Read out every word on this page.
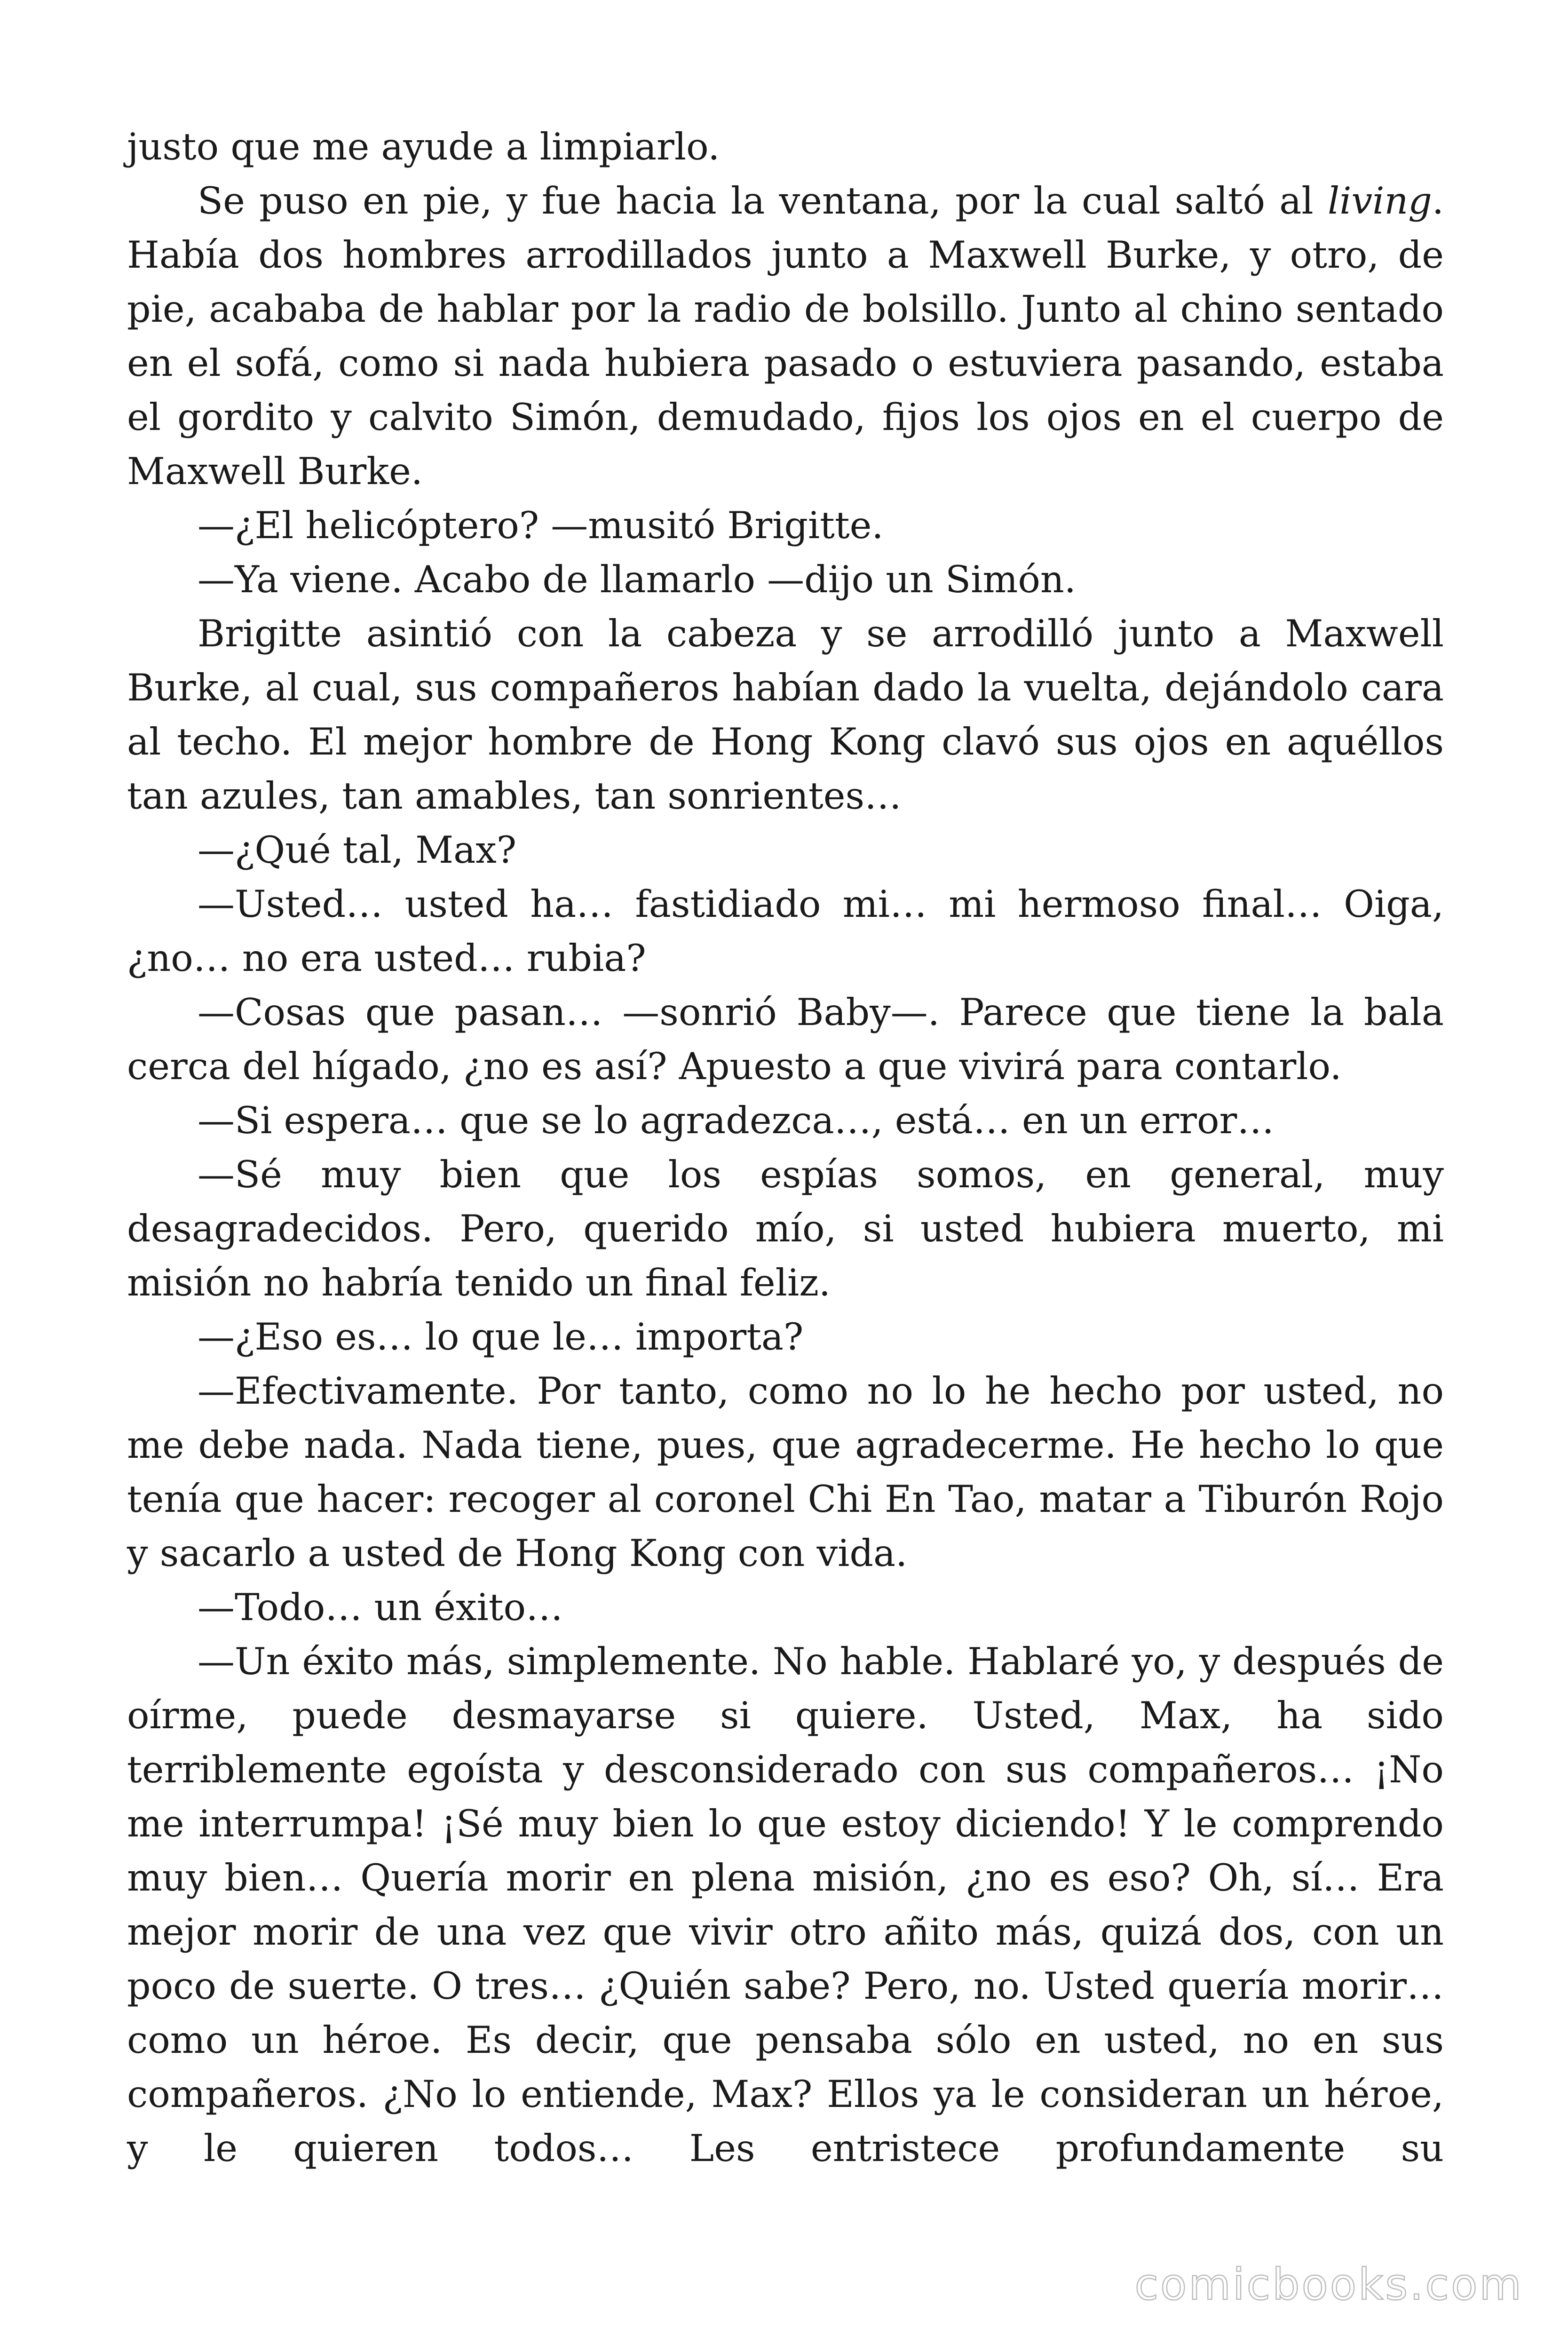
justo que me ayude a limpiarlo.

Se puso en pie, y fue hacia la ventana, por la cual saltó al living. Había dos hombres arrodillados junto a Maxwell Burke, y otro, de pie, acababa de hablar por la radio de bolsillo. Junto al chino sentado en el sofá, como si nada hubiera pasado o estuviera pasando, estaba el gordito y calvito Simón, demudado, fijos los ojos en el cuerpo de Maxwell Burke.

—¿El helicóptero? —musitó Brigitte.

—Ya viene. Acabo de llamarlo —dijo un Simón.

Brigitte asintió con la cabeza y se arrodilló junto a Maxwell Burke, al cual, sus compañeros habían dado la vuelta, dejándolo cara al techo. El mejor hombre de Hong Kong clavó sus ojos en aquéllos tan azules, tan amables, tan sonrientes…

—¿Qué tal, Max?

—Usted… usted ha… fastidiado mi… mi hermoso final… Oiga, ¿no… no era usted… rubia?

—Cosas que pasan… —sonrió Baby—. Parece que tiene la bala cerca del hígado, ¿no es así? Apuesto a que vivirá para contarlo.

—Si espera… que se lo agradezca…, está… en un error…

—Sé muy bien que los espías somos, en general, muy desagradecidos. Pero, querido mío, si usted hubiera muerto, mi misión no habría tenido un final feliz.

—¿Eso es… lo que le… importa?

—Efectivamente. Por tanto, como no lo he hecho por usted, no me debe nada. Nada tiene, pues, que agradecerme. He hecho lo que tenía que hacer: recoger al coronel Chi En Tao, matar a Tiburón Rojo y sacarlo a usted de Hong Kong con vida.

—Todo… un éxito…

—Un éxito más, simplemente. No hable. Hablaré yo, y después de oírme, puede desmayarse si quiere. Usted, Max, ha sido terriblemente egoísta y desconsiderado con sus compañeros… ¡No me interrumpa! ¡Sé muy bien lo que estoy diciendo! Y le comprendo muy bien… Quería morir en plena misión, ¿no es eso? Oh, sí… Era mejor morir de una vez que vivir otro añito más, quizá dos, con un poco de suerte. O tres… ¿Quién sabe? Pero, no. Usted quería morir… como un héroe. Es decir, que pensaba sólo en usted, no en sus compañeros. ¿No lo entiende, Max? Ellos ya le consideran un héroe, y le quieren todos… Les entristece profundamente su

comicbooks.com
